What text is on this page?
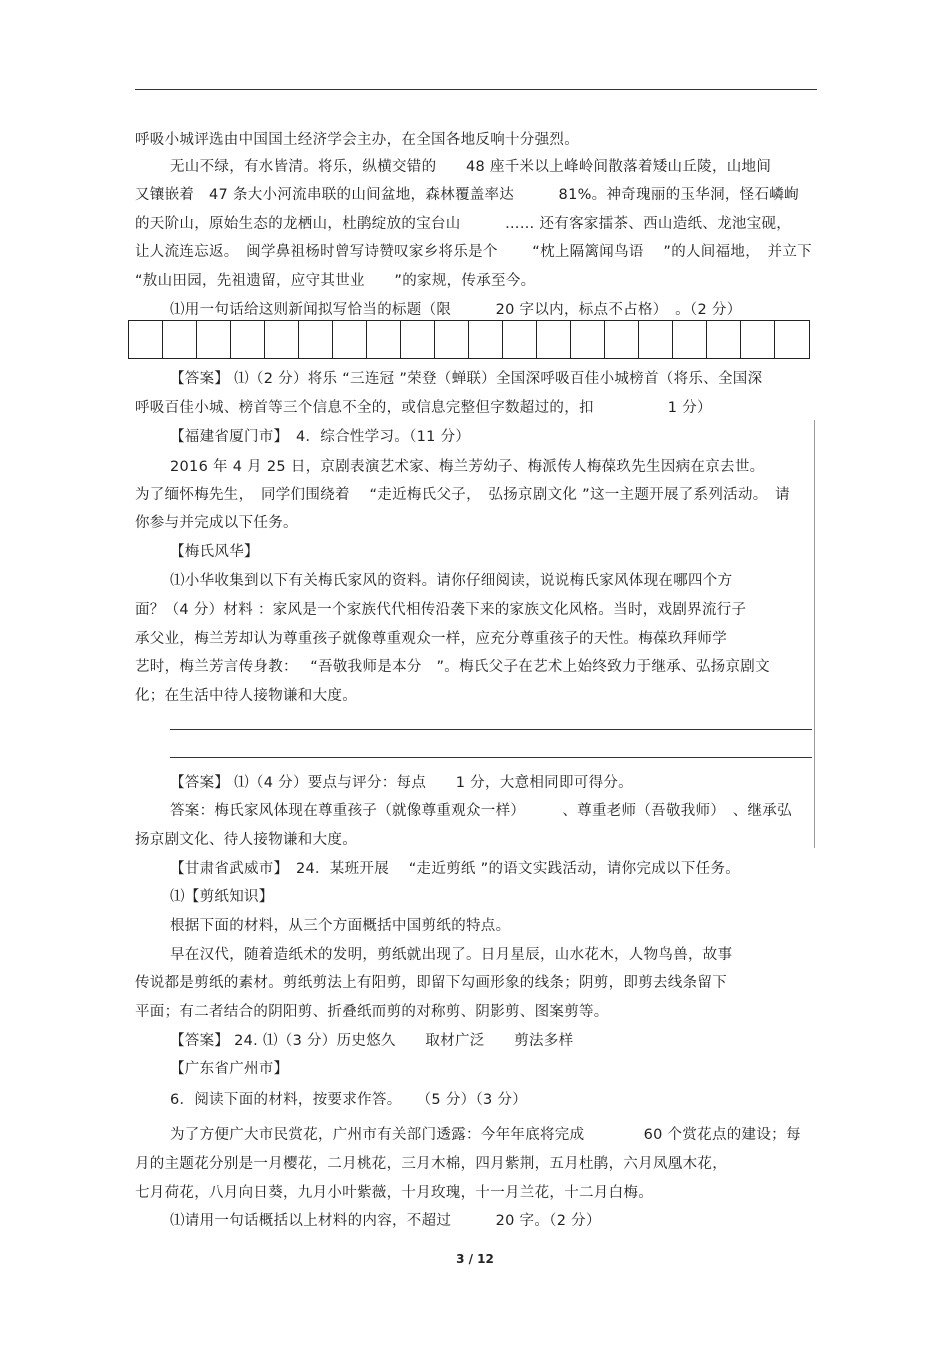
呼吸小城评选由中国国土经济学会主办，在全国各地反响十分强烈。
无山不绿，有水皆清。将乐，纵横交错的　　48 座千米以上峰岭间散落着矮山丘陵，山地间
又镶嵌着　47 条大小河流串联的山间盆地，森林覆盖率达　　　81%。神奇瑰丽的玉华洞，怪石嶙峋
的天阶山，原始生态的龙栖山，杜鹃绽放的宝台山　　　…… 还有客家擂茶、西山造纸、龙池宝砚，
让人流连忘返。　闽学鼻祖杨时曾写诗赞叹家乡将乐是个　　 “枕上隔篱闻鸟语　 ”的人间福地，　并立下
“敖山田园，先祖遗留，应守其世业　　”的家规，传承至今。
⑴用一句话给这则新闻拟写恰当的标题（限　　　20 字以内，标点不占格）　。（2 分）
【答案】 ⑴（2 分）将乐 “三连冠 ”荣登（蝉联）全国深呼吸百佳小城榜首（将乐、全国深
呼吸百佳小城、榜首等三个信息不全的，或信息完整但字数超过的，扣　　　　　1 分）
【福建省厦门市】　4．综合性学习。（11 分）
2016 年 4 月 25 日，京剧表演艺术家、梅兰芳幼子、梅派传人梅葆玖先生因病在京去世。
为了缅怀梅先生，　同学们围绕着　 “走近梅氏父子，　弘扬京剧文化 ”这一主题开展了系列活动。　请
你参与并完成以下任务。
【梅氏风华】
⑴小华收集到以下有关梅氏家风的资料。请你仔细阅读，说说梅氏家风体现在哪四个方
面？（4 分）材料 ：家风是一个家族代代相传沿袭下来的家族文化风格。当时，戏剧界流行子
承父业，梅兰芳却认为尊重孩子就像尊重观众一样，应充分尊重孩子的天性。梅葆玖拜师学
艺时，梅兰芳言传身教：　 “吾敬我师是本分　”。梅氏父子在艺术上始终致力于继承、弘扬京剧文
化；在生活中待人接物谦和大度。
【答案】 ⑴（4 分）要点与评分：每点　　1 分，大意相同即可得分。
答案：梅氏家风体现在尊重孩子（就像尊重观众一样）　　　、尊重老师（吾敬我师）　、继承弘
扬京剧文化、待人接物谦和大度。
【甘肃省武威市】　24．某班开展　 “走近剪纸 ”的语文实践活动，请你完成以下任务。
⑴【剪纸知识】
根据下面的材料，从三个方面概括中国剪纸的特点。
早在汉代，随着造纸术的发明，剪纸就出现了。日月星辰，山水花木，人物鸟兽，故事
传说都是剪纸的素材。剪纸剪法上有阳剪，即留下勾画形象的线条；阴剪，即剪去线条留下
平面；有二者结合的阴阳剪、折叠纸而剪的对称剪、阴影剪、图案剪等。
【答案】 24. ⑴（3 分）历史悠久　　取材广泛　　剪法多样
【广东省广州市】
6．阅读下面的材料，按要求作答。　　（5 分）（3 分）
为了方便广大市民赏花，广州市有关部门透露：今年年底将完成　　　　60 个赏花点的建设；每
月的主题花分别是一月樱花，二月桃花，三月木棉，四月紫荆，五月杜鹃，六月凤凰木花，
七月荷花，八月向日葵，九月小叶紫薇，十月玫瑰，十一月兰花，十二月白梅。
⑴请用一句话概括以上材料的内容，不超过　　　20 字。（2 分）
3 / 12
